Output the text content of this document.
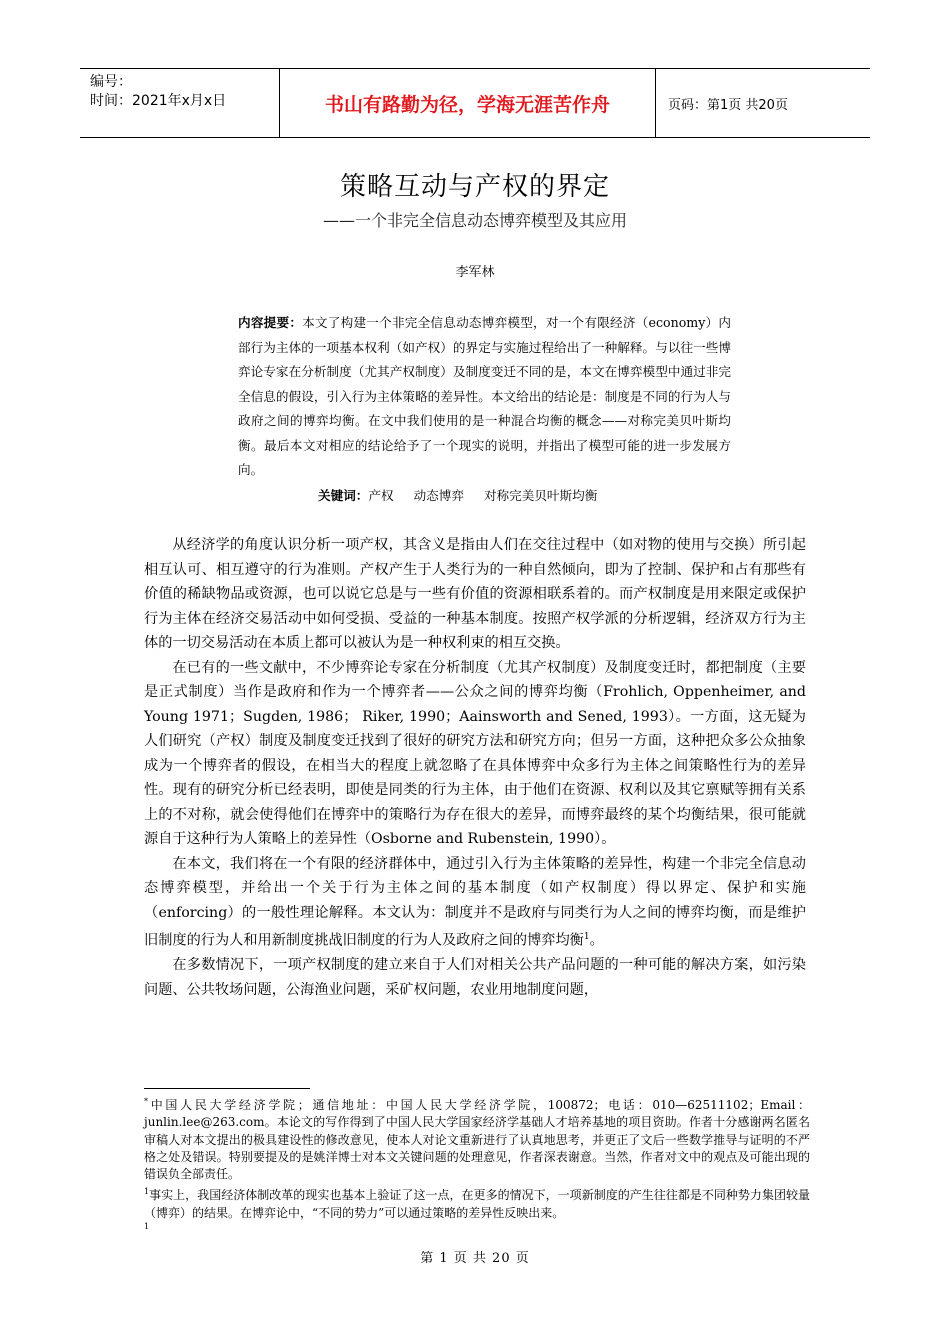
编号：
时间：2021年x月x日	书山有路勤为径，学海无涯苦作舟	页码：第1页 共20页
策略互动与产权的界定
——一个非完全信息动态博弈模型及其应用
李军林
内容提要：本文了构建一个非完全信息动态博弈模型，对一个有限经济（economy）内部行为主体的一项基本权利（如产权）的界定与实施过程给出了一种解释。与以往一些博弈论专家在分析制度（尤其产权制度）及制度变迁不同的是，本文在博弈模型中通过非完全信息的假设，引入行为主体策略的差异性。本文给出的结论是：制度是不同的行为人与政府之间的博弈均衡。在文中我们使用的是一种混合均衡的概念——对称完美贝叶斯均衡。最后本文对相应的结论给予了一个现实的说明，并指出了模型可能的进一步发展方向。
关键词：产权 动态博弈 对称完美贝叶斯均衡

从经济学的角度认识分析一项产权，其含义是指由人们在交往过程中（如对物的使用与交换）所引起相互认可、相互遵守的行为准则。产权产生于人类行为的一种自然倾向，即为了控制、保护和占有那些有价值的稀缺物品或资源，也可以说它总是与一些有价值的资源相联系着的。而产权制度是用来限定或保护行为主体在经济交易活动中如何受损、受益的一种基本制度。按照产权学派的分析逻辑，经济双方行为主体的一切交易活动在本质上都可以被认为是一种权利束的相互交换。

在已有的一些文献中，不少博弈论专家在分析制度（尤其产权制度）及制度变迁时，都把制度（主要是正式制度）当作是政府和作为一个博弈者——公众之间的博弈均衡（Frohlich, Oppenheimer, and Young 1971；Sugden, 1986； Riker, 1990；Aainsworth and Sened, 1993）。一方面，这无疑为人们研究（产权）制度及制度变迁找到了很好的研究方法和研究方向；但另一方面，这种把众多公众抽象成为一个博弈者的假设，在相当大的程度上就忽略了在具体博弈中众多行为主体之间策略性行为的差异性。现有的研究分析已经表明，即使是同类的行为主体，由于他们在资源、权利以及其它禀赋等拥有关系上的不对称，就会使得他们在博弈中的策略行为存在很大的差异，而博弈最终的某个均衡结果，很可能就源自于这种行为人策略上的差异性（Osborne and Rubenstein, 1990）。

在本文，我们将在一个有限的经济群体中，通过引入行为主体策略的差异性，构建一个非完全信息动态博弈模型，并给出一个关于行为主体之间的基本制度（如产权制度）得以界定、保护和实施（enforcing）的一般性理论解释。本文认为：制度并不是政府与同类行为人之间的博弈均衡，而是维护旧制度的行为人和用新制度挑战旧制度的行为人及政府之间的博弈均衡$^1$。

在多数情况下，一项产权制度的建立来自于人们对相关公共产品问题的一种可能的解决方案，如污染问题、公共牧场问题，公海渔业问题，采矿权问题，农业用地制度问题，

*中国人民大学经济学院；通信地址：中国人民大学经济学院，100872；电话：010—62511102；Email：junlin.lee@263.com。本论文的写作得到了中国人民大学国家经济学基础人才培养基地的项目资助。作者十分感谢两名匿名审稿人对本文提出的极具建设性的修改意见，使本人对论文重新进行了认真地思考，并更正了文后一些数学推导与证明的不严格之处及错误。特别要提及的是姚洋博士对本文关键问题的处理意见，作者深表谢意。当然，作者对文中的观点及可能出现的错误负全部责任。

$^1$事实上，我国经济体制改革的现实也基本上验证了这一点，在更多的情况下，一项新制度的产生往往都是不同种势力集团较量（博弈）的结果。在博弈论中，“不同的势力”可以通过策略的差异性反映出来。

1

第 1 页 共 20 页
